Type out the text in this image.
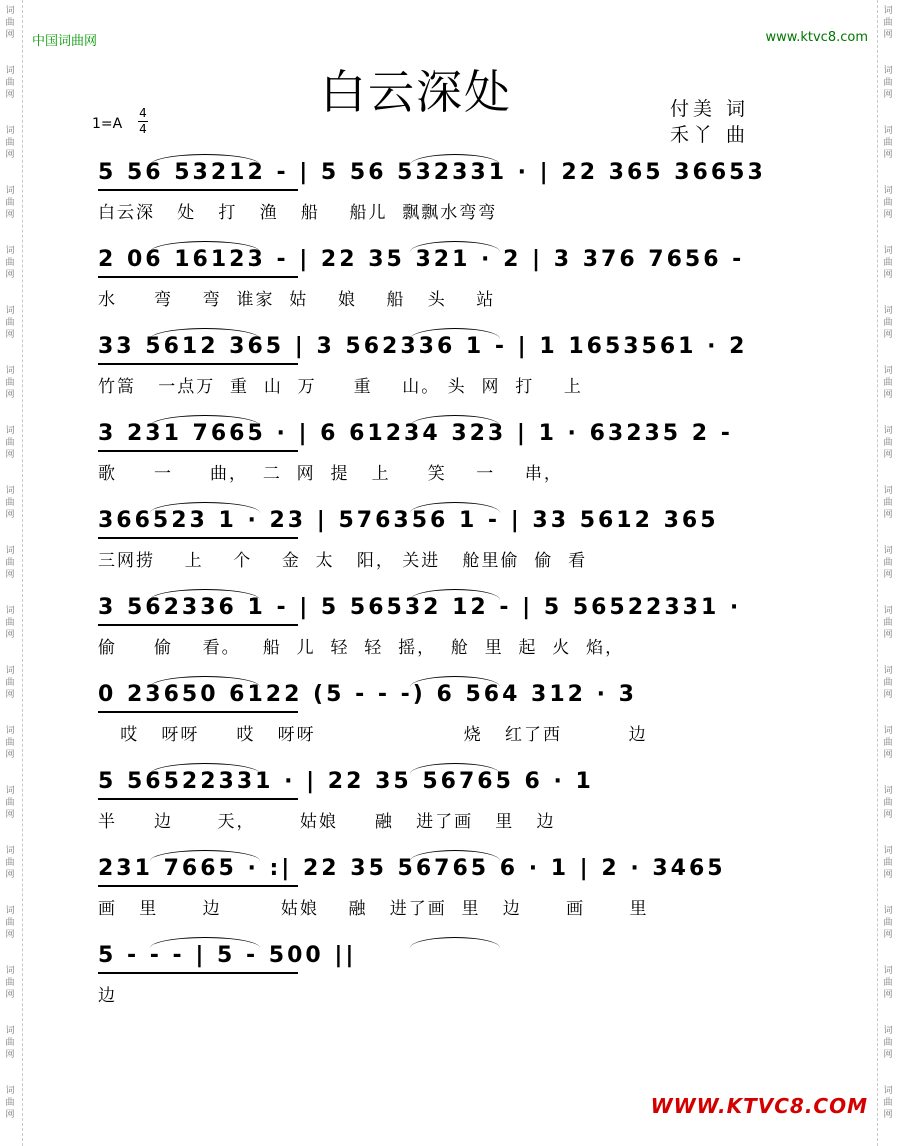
词
曲
网
词
曲
网
词
曲
网
词
曲
网
词
曲
网
词
曲
网
词
曲
网
词
曲
网
词
曲
网
词
曲
网
词
曲
网
词
曲
网
词
曲
网
词
曲
网
词
曲
网
词
曲
网
词
曲
网
词
曲
网
词
曲
网
词
曲
网
词
曲
网
词
曲
网
词
曲
网
词
曲
网
词
曲
网
词
曲
网
词
曲
网
词
曲
网
词
曲
网
词
曲
网
词
曲
网
词
曲
网
词
曲
网
词
曲
网
词
曲
网
词
曲
网
词
曲
网
词
曲
网
中国词曲网	www.ktvc8.com
白云深处
1=A
4
4
付美 词
禾丫 曲
5 56 53212 - | 5 56 532331 · | 22 365 36653
白云深   处   打   渔   船    船儿  飘飘水弯弯
2 06 16123 - | 22 35 321 · 2 | 3 376 7656 -
水     弯    弯  谁家  姑    娘    船   头    站
33 5612 365 | 3 562336 1 - | 1 1653561 · 2
竹篙   一点万  重  山  万     重    山。 头  网  打    上
3 231 7665 · | 6 61234 323 | 1 · 63235 2 -
歌     一     曲，  二  网  提   上     笑    一    串，
366523 1 · 23 | 576356 1 - | 33 5612 365
三网捞    上    个    金  太   阳， 关进   舱里偷  偷  看
3 562336 1 - | 5 56532 12 - | 5 56522331 ·
偷     偷    看。   船  儿  轻  轻  摇，  舱  里  起  火  焰，
0 23650 6122 (5 - - -) 6 564 312 · 3
哎   呀呀     哎   呀呀                    烧   红了西         边
5 56522331 · | 22 35 56765 6 · 1
半     边      天，      姑娘     融   进了画   里   边
231 7665 · :| 22 35 56765 6 · 1 | 2 · 3465
画   里      边        姑娘    融   进了画  里   边      画      里
5 - - - | 5 - 500 ||
边
WWW.KTVC8.COM
